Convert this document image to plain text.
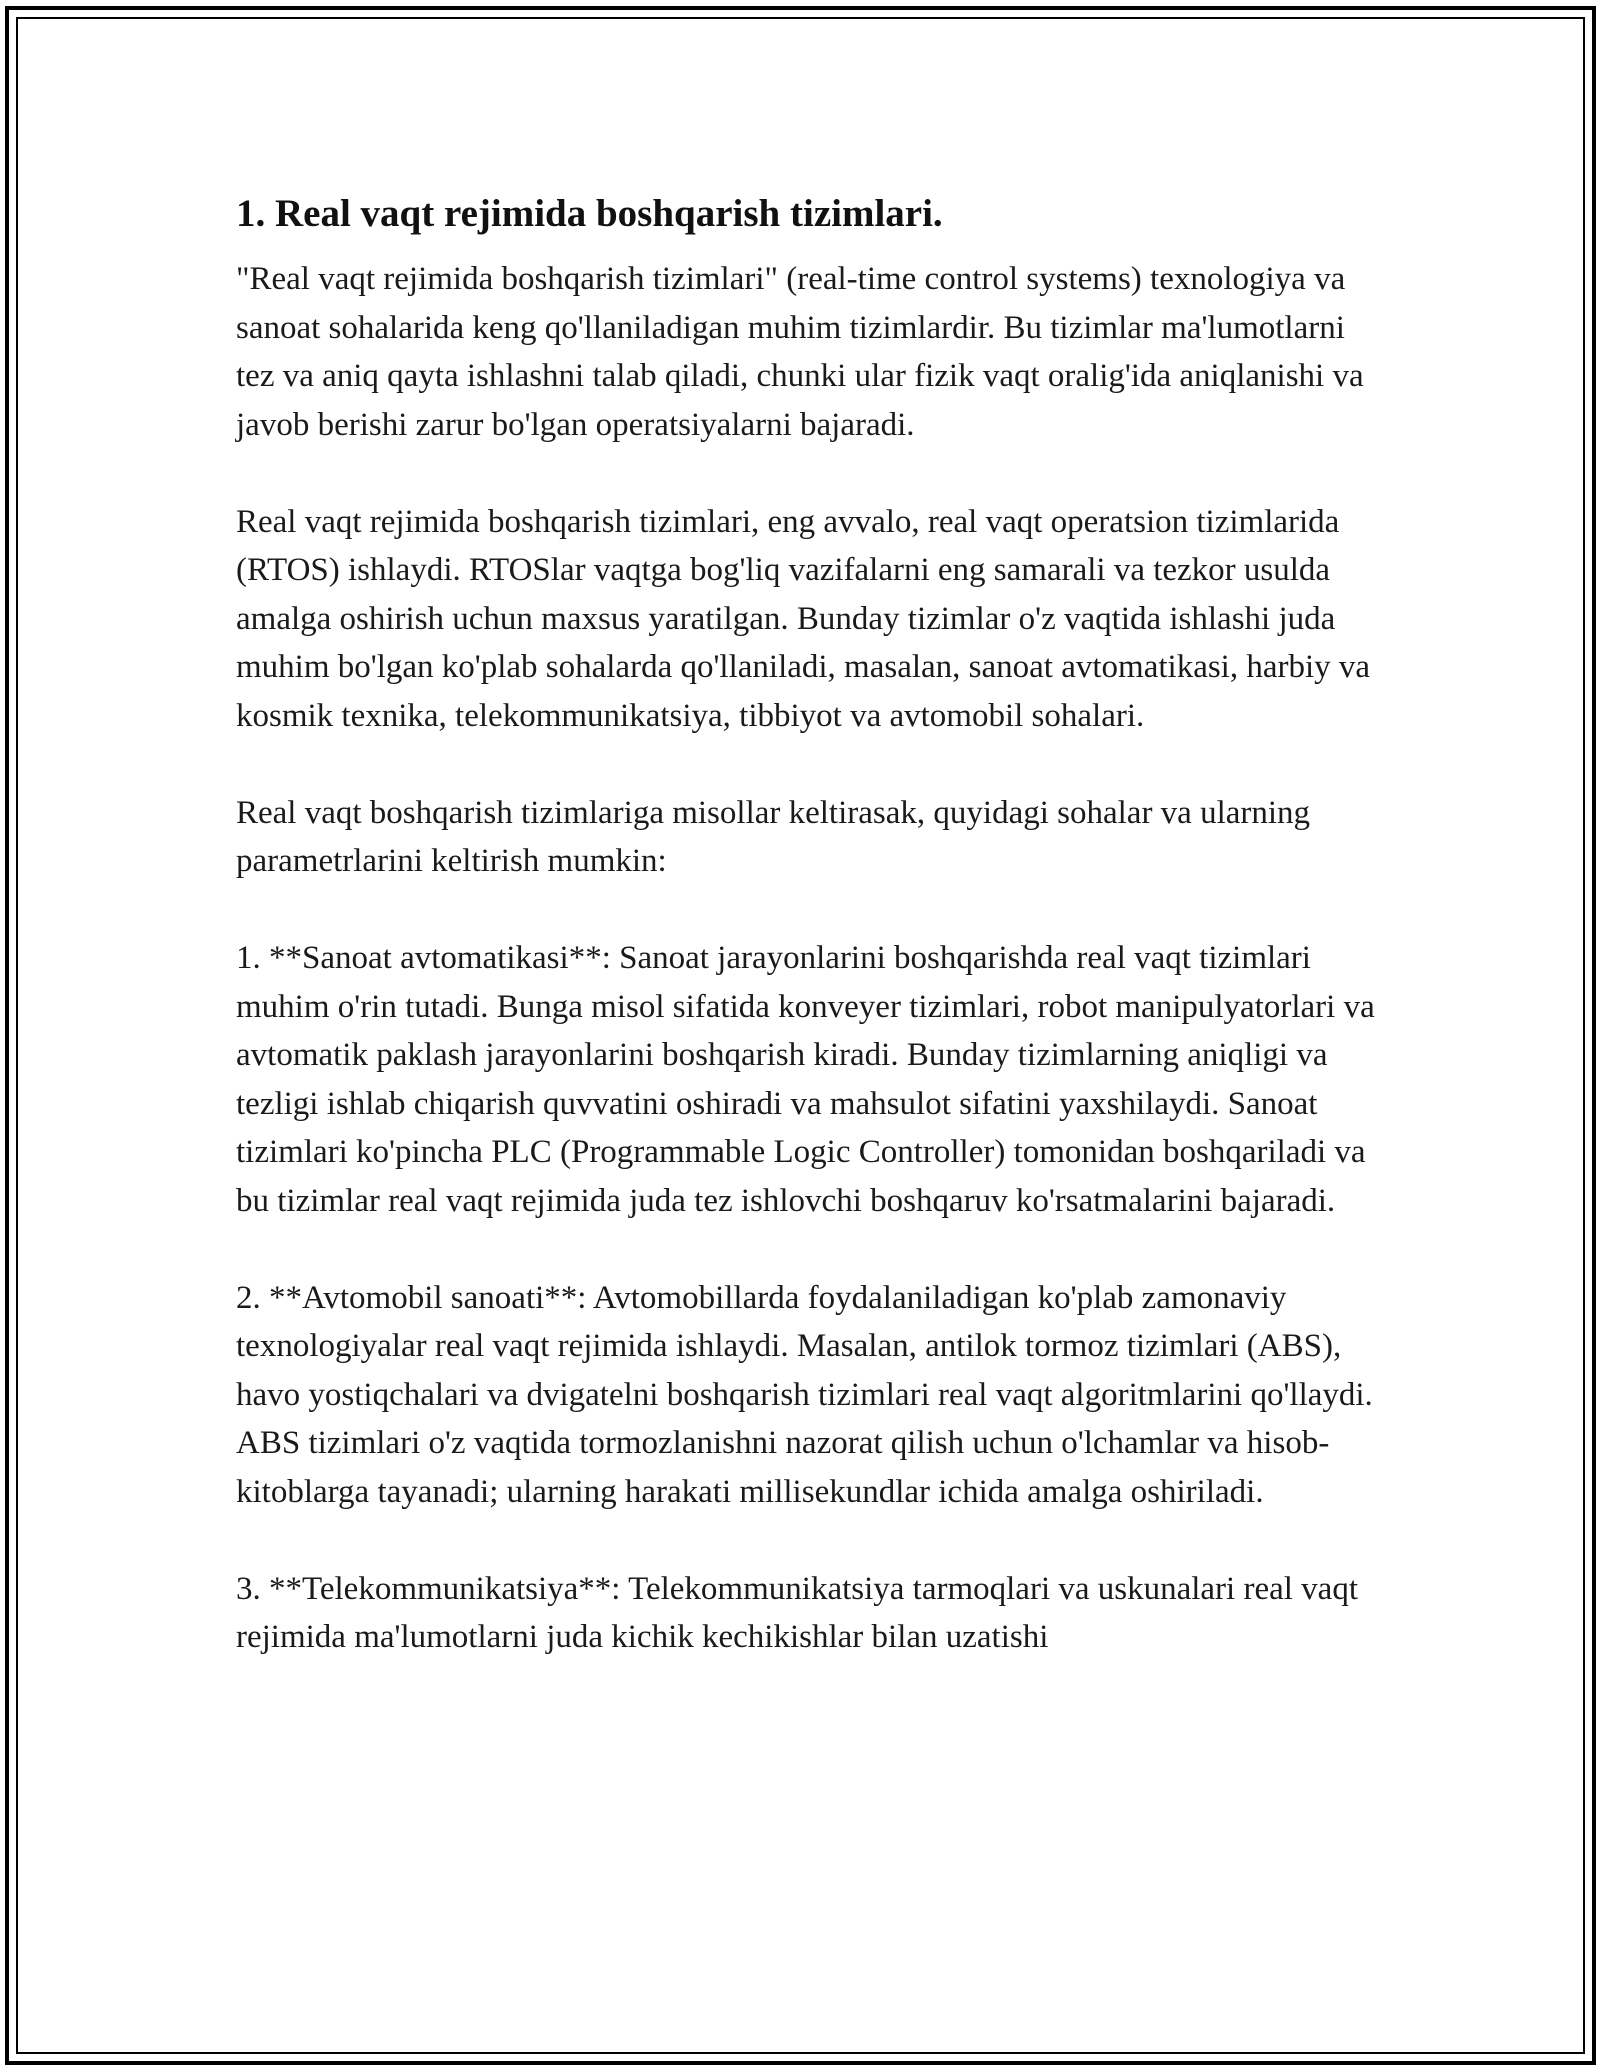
1. Real vaqt rejimida boshqarish tizimlari.

"Real vaqt rejimida boshqarish tizimlari" (real-time control systems) texnologiya va sanoat sohalarida keng qo'llaniladigan muhim tizimlardir. Bu tizimlar ma'lumotlarni tez va aniq qayta ishlashni talab qiladi, chunki ular fizik vaqt oralig'ida aniqlanishi va javob berishi zarur bo'lgan operatsiyalarni bajaradi.

Real vaqt rejimida boshqarish tizimlari, eng avvalo, real vaqt operatsion tizimlarida (RTOS) ishlaydi. RTOSlar vaqtga bog'liq vazifalarni eng samarali va tezkor usulda amalga oshirish uchun maxsus yaratilgan. Bunday tizimlar o'z vaqtida ishlashi juda muhim bo'lgan ko'plab sohalarda qo'llaniladi, masalan, sanoat avtomatikasi, harbiy va kosmik texnika, telekommunikatsiya, tibbiyot va avtomobil sohalari.

Real vaqt boshqarish tizimlariga misollar keltirasak, quyidagi sohalar va ularning parametrlarini keltirish mumkin:

1. **Sanoat avtomatikasi**: Sanoat jarayonlarini boshqarishda real vaqt tizimlari muhim o'rin tutadi. Bunga misol sifatida konveyer tizimlari, robot manipulyatorlari va avtomatik paklash jarayonlarini boshqarish kiradi. Bunday tizimlarning aniqligi va tezligi ishlab chiqarish quvvatini oshiradi va mahsulot sifatini yaxshilaydi. Sanoat tizimlari ko'pincha PLC (Programmable Logic Controller) tomonidan boshqariladi va bu tizimlar real vaqt rejimida juda tez ishlovchi boshqaruv ko'rsatmalarini bajaradi.

2. **Avtomobil sanoati**: Avtomobillarda foydalaniladigan ko'plab zamonaviy texnologiyalar real vaqt rejimida ishlaydi. Masalan, antilok tormoz tizimlari (ABS), havo yostiqchalari va dvigatelni boshqarish tizimlari real vaqt algoritmlarini qo'llaydi. ABS tizimlari o'z vaqtida tormozlanishni nazorat qilish uchun o'lchamlar va hisob-kitoblarga tayanadi; ularning harakati millisekundlar ichida amalga oshiriladi.

3. **Telekommunikatsiya**: Telekommunikatsiya tarmoqlari va uskunalari real vaqt rejimida ma'lumotlarni juda kichik kechikishlar bilan uzatishi
